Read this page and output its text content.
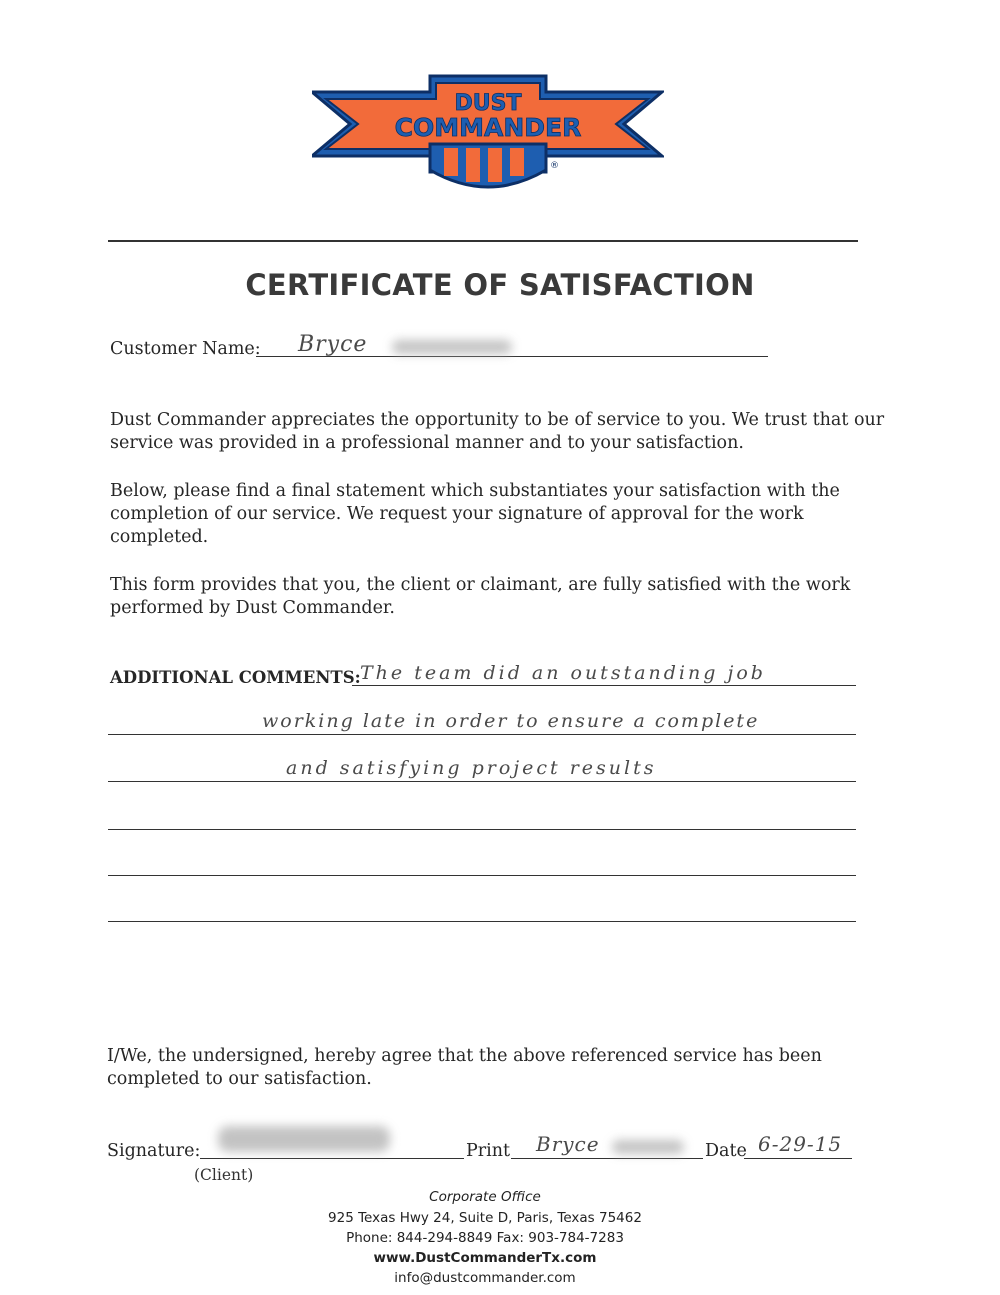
DUST
COMMANDER
®
CERTIFICATE OF SATISFACTION
Customer Name: Bryce
Dust Commander appreciates the opportunity to be of service to you. We trust that our
service was provided in a professional manner and to your satisfaction.
Below, please find a final statement which substantiates your satisfaction with the
completion of our service. We request your signature of approval for the work
completed.
This form provides that you, the client or claimant, are fully satisfied with the work
performed by Dust Commander.
ADDITIONAL COMMENTS: The team did an outstanding job
working late in order to ensure a complete
and satisfying project results
I/We, the undersigned, hereby agree that the above referenced service has been
completed to our satisfaction.
Signature:
(Client)
Print Bryce	Date 6-29-15
Corporate Office
925 Texas Hwy 24, Suite D, Paris, Texas 75462
Phone: 844-294-8849 Fax: 903-784-7283
www.DustCommanderTx.com
info@dustcommander.com
